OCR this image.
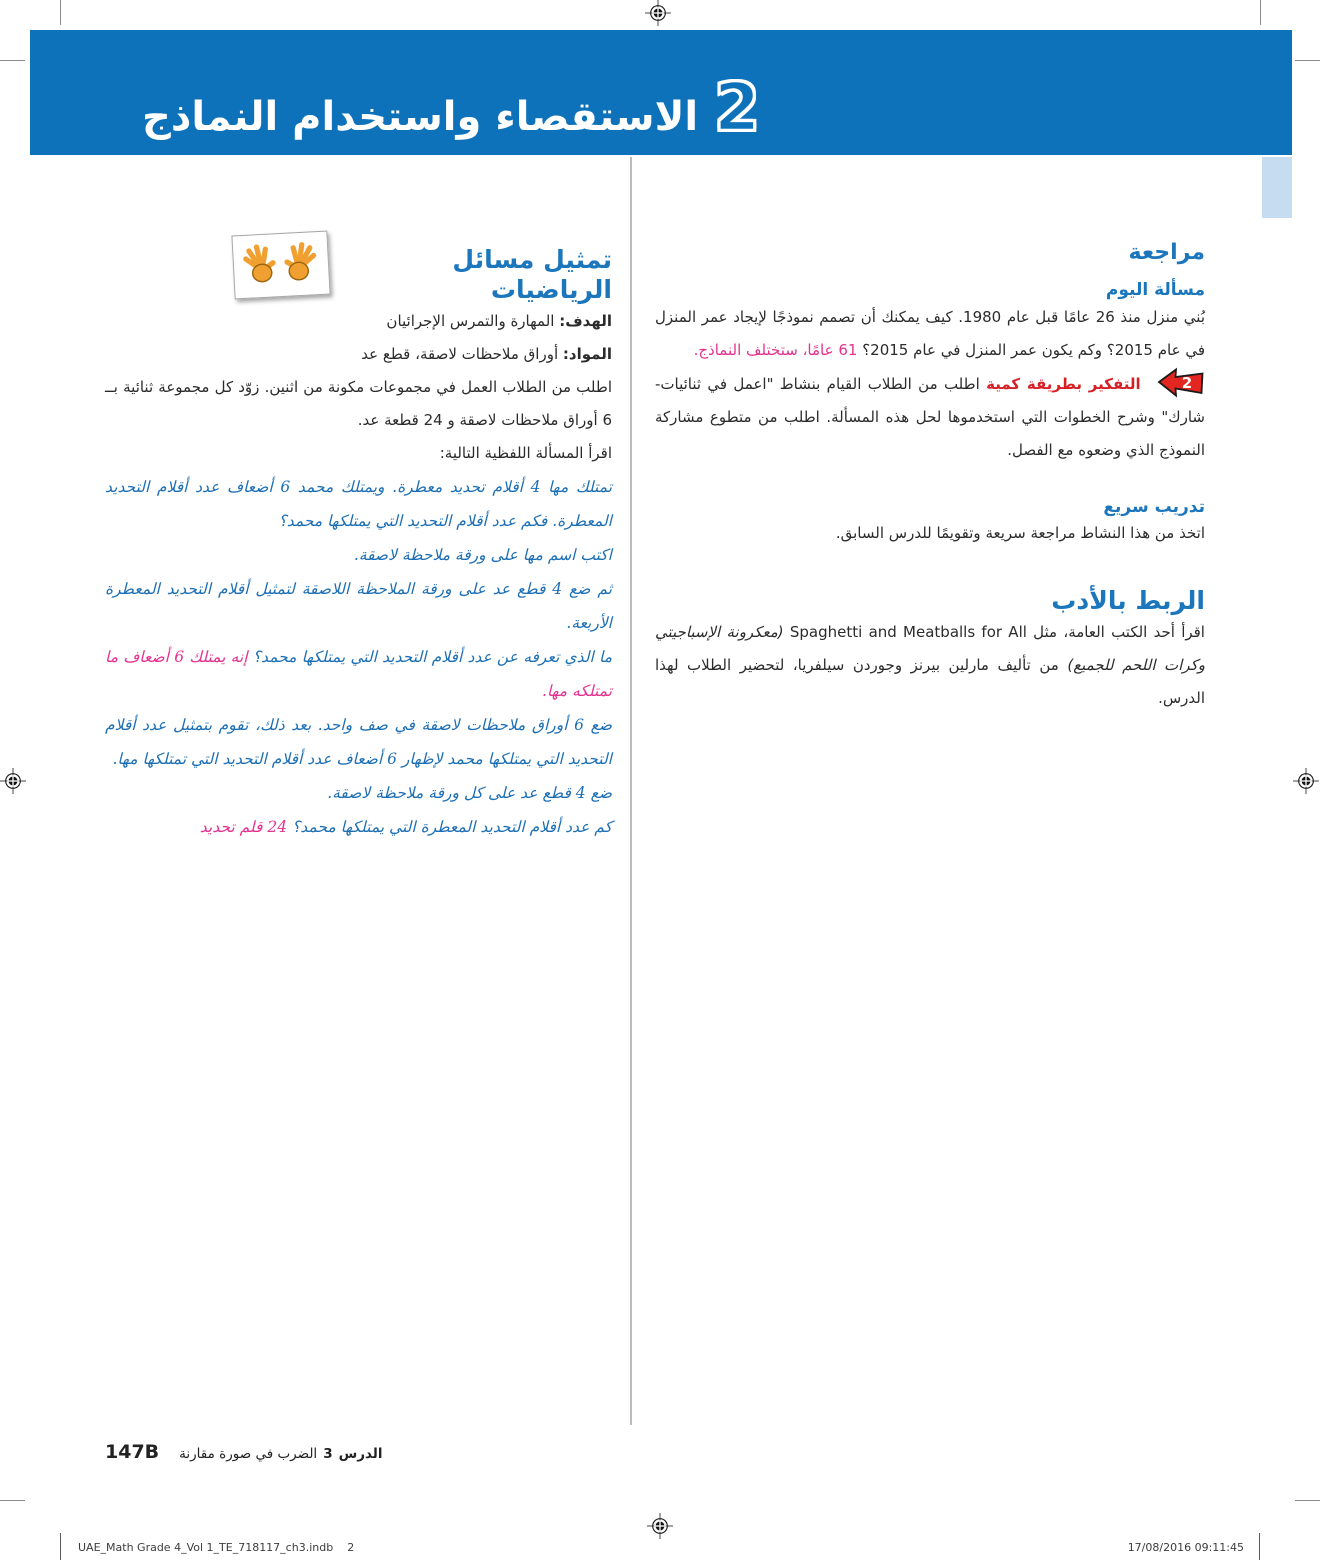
الاستقصاء واستخدام النماذج 2
تمثيل مسائل الرياضيات

الهدف: المهارة والتمرس الإجرائيان

المواد: أوراق ملاحظات لاصقة، قطع عد

اطلب من الطلاب العمل في مجموعات مكونة من اثنين. زوّد كل مجموعة ثنائية بــ 6 أوراق ملاحظات لاصقة و 24 قطعة عد.

اقرأ المسألة اللفظية التالية:

تمتلك مها 4 أقلام تحديد معطرة. ويمتلك محمد 6 أضعاف عدد أقلام التحديد المعطرة. فكم عدد أقلام التحديد التي يمتلكها محمد؟

اكتب اسم مها على ورقة ملاحظة لاصقة.

ثم ضع 4 قطع عد على ورقة الملاحظة اللاصقة لتمثيل أقلام التحديد المعطرة الأربعة.

ما الذي تعرفه عن عدد أقلام التحديد التي يمتلكها محمد؟ إنه يمتلك 6 أضعاف ما تمتلكه مها.

ضع 6 أوراق ملاحظات لاصقة في صف واحد. بعد ذلك، تقوم بتمثيل عدد أقلام التحديد التي يمتلكها محمد لإظهار 6 أضعاف عدد أقلام التحديد التي تمتلكها مها.

ضع 4 قطع عد على كل ورقة ملاحظة لاصقة.

كم عدد أقلام التحديد المعطرة التي يمتلكها محمد؟ 24 قلم تحديد

مراجعة
مسألة اليوم

بُني منزل منذ 26 عامًا قبل عام 1980. كيف يمكنك أن تصمم نموذجًا لإيجاد عمر المنزل في عام 2015؟ وكم يكون عمر المنزل في عام 2015؟ 61 عامًا، ستختلف النماذج.

2
التفكير بطريقة كمية اطلب من الطلاب القيام بنشاط "اعمل في ثنائيات-شارك" وشرح الخطوات التي استخدموها لحل هذه المسألة. اطلب من متطوع مشاركة النموذج الذي وضعوه مع الفصل.

تدريب سريع

اتخذ من هذا النشاط مراجعة سريعة وتقويمًا للدرس السابق.

الربط بالأدب

اقرأ أحد الكتب العامة، مثل Spaghetti and Meatballs for All (معكرونة الإسباجيتي وكرات اللحم للجميع) من تأليف مارلين بيرنز وجوردن سيلفريا، لتحضير الطلاب لهذا الدرس.

147B	الدرس
3
الضرب في صورة مقارنة
UAE_Math Grade 4_Vol 1_TE_718117_ch3.indb 2	17/08/2016 09:11:45
